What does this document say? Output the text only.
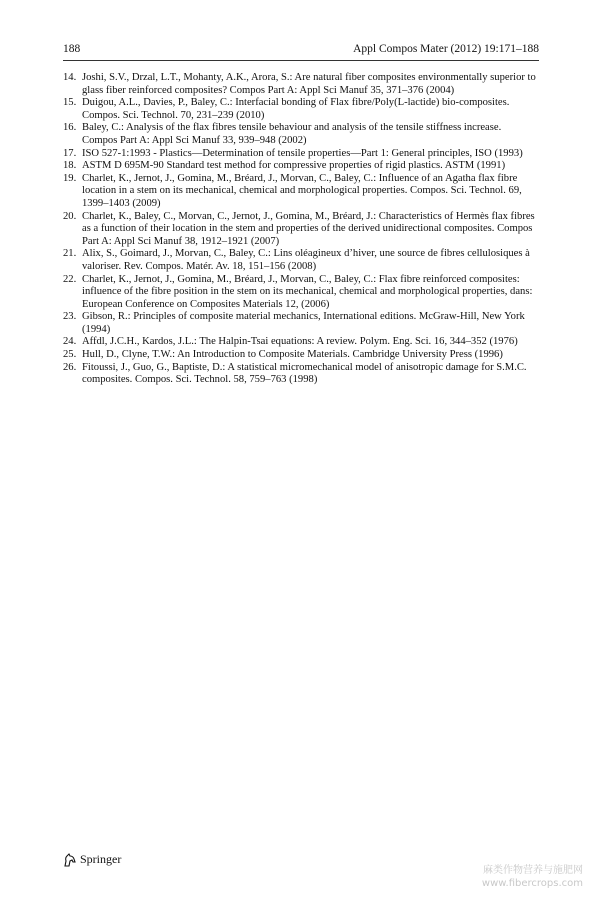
188	Appl Compos Mater (2012) 19:171–188
14. Joshi, S.V., Drzal, L.T., Mohanty, A.K., Arora, S.: Are natural fiber composites environmentally superior to glass fiber reinforced composites? Compos Part A: Appl Sci Manuf 35, 371–376 (2004)
15. Duigou, A.L., Davies, P., Baley, C.: Interfacial bonding of Flax fibre/Poly(L-lactide) bio-composites. Compos. Sci. Technol. 70, 231–239 (2010)
16. Baley, C.: Analysis of the flax fibres tensile behaviour and analysis of the tensile stiffness increase. Compos Part A: Appl Sci Manuf 33, 939–948 (2002)
17. ISO 527-1:1993 - Plastics—Determination of tensile properties—Part 1: General principles, ISO (1993)
18. ASTM D 695M-90 Standard test method for compressive properties of rigid plastics. ASTM (1991)
19. Charlet, K., Jernot, J., Gomina, M., Bréard, J., Morvan, C., Baley, C.: Influence of an Agatha flax fibre location in a stem on its mechanical, chemical and morphological properties. Compos. Sci. Technol. 69, 1399–1403 (2009)
20. Charlet, K., Baley, C., Morvan, C., Jernot, J., Gomina, M., Bréard, J.: Characteristics of Hermès flax fibres as a function of their location in the stem and properties of the derived unidirectional composites. Compos Part A: Appl Sci Manuf 38, 1912–1921 (2007)
21. Alix, S., Goimard, J., Morvan, C., Baley, C.: Lins oléagineux d’hiver, une source de fibres cellulosiques à valoriser. Rev. Compos. Matér. Av. 18, 151–156 (2008)
22. Charlet, K., Jernot, J., Gomina, M., Bréard, J., Morvan, C., Baley, C.: Flax fibre reinforced composites: influence of the fibre position in the stem on its mechanical, chemical and morphological properties, dans: European Conference on Composites Materials 12, (2006)
23. Gibson, R.: Principles of composite material mechanics, International editions. McGraw-Hill, New York (1994)
24. Affdl, J.C.H., Kardos, J.L.: The Halpin-Tsai equations: A review. Polym. Eng. Sci. 16, 344–352 (1976)
25. Hull, D., Clyne, T.W.: An Introduction to Composite Materials. Cambridge University Press (1996)
26. Fitoussi, J., Guo, G., Baptiste, D.: A statistical micromechanical model of anisotropic damage for S.M.C. composites. Compos. Sci. Technol. 58, 759–763 (1998)
Springer
麻类作物营养与施肥网
www.fibercrops.com
